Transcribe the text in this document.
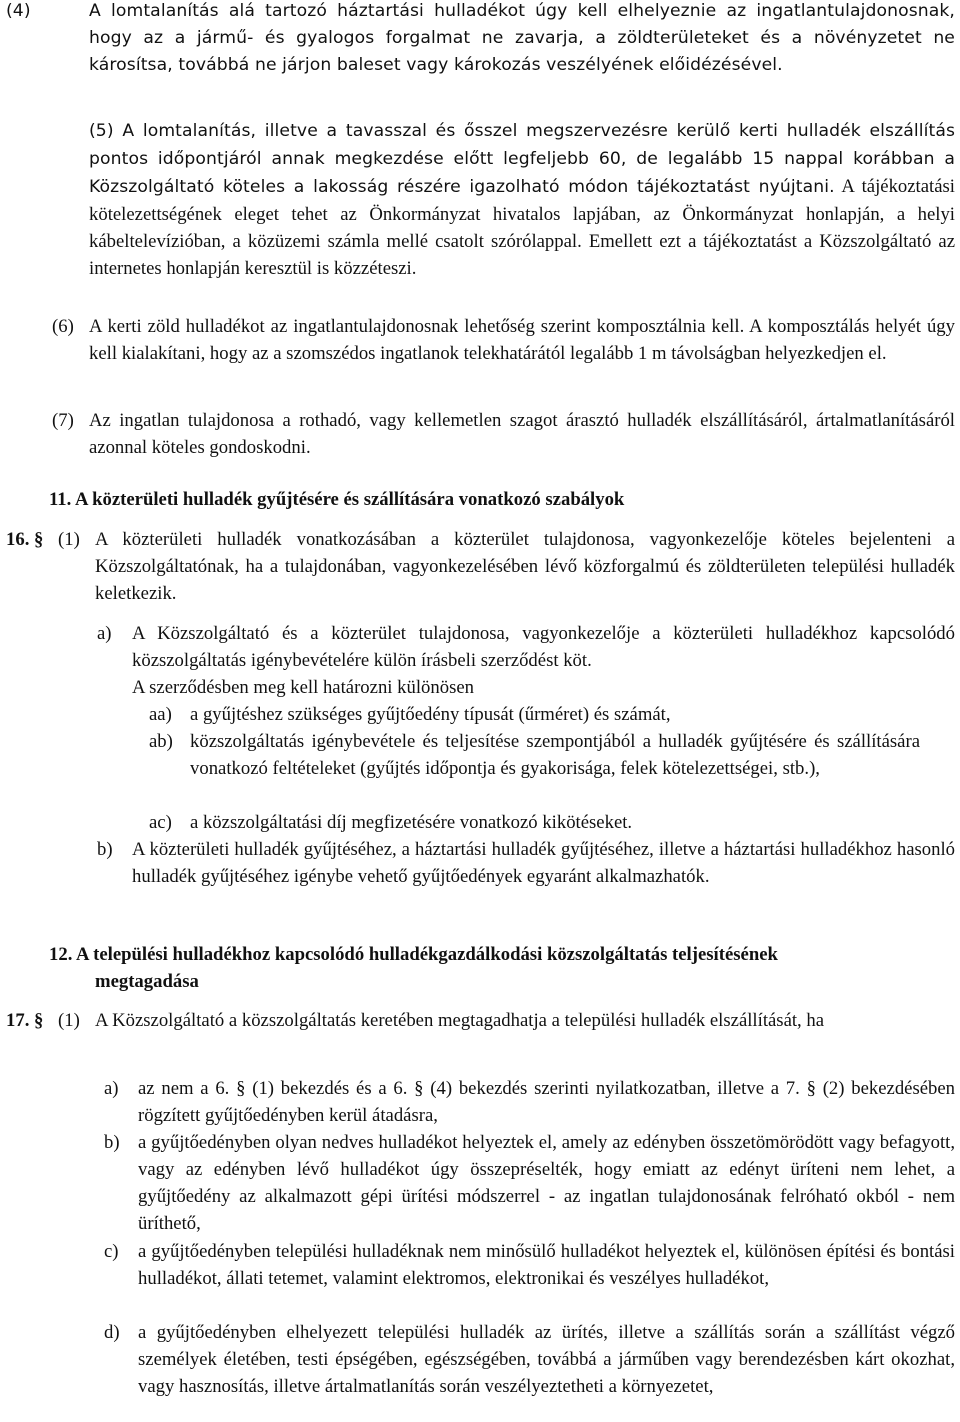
(4)	A lomtalanítás alá tartozó háztartási hulladékot úgy kell elhelyeznie az ingatlantulajdonosnak, hogy az a jármű- és gyalogos forgalmat ne zavarja, a zöldterületeket és a növényzetet ne károsítsa, továbbá ne járjon baleset vagy károkozás veszélyének előidézésével.
(5) A lomtalanítás, illetve a tavasszal és ősszel megszervezésre kerülő kerti hulladék elszállítás pontos időpontjáról annak megkezdése előtt legfeljebb 60, de legalább 15 nappal korábban a Közszolgáltató köteles a lakosság részére igazolható módon tájékoztatást nyújtani. A tájékoztatási kötelezettségének eleget tehet az Önkormányzat hivatalos lapjában, az Önkormányzat honlapján, a helyi kábeltelevízióban, a közüzemi számla mellé csatolt szórólappal. Emellett ezt a tájékoztatást a Közszolgáltató az internetes honlapján keresztül is közzéteszi.
(6) A kerti zöld hulladékot az ingatlantulajdonosnak lehetőség szerint komposztálnia kell. A komposztálás helyét úgy kell kialakítani, hogy az a szomszédos ingatlanok telekhatárától legalább 1 m távolságban helyezkedjen el.
(7) Az ingatlan tulajdonosa a rothadó, vagy kellemetlen szagot árasztó hulladék elszállításáról, ártalmatlanításáról azonnal köteles gondoskodni.
11. A közterületi hulladék gyűjtésére és szállítására vonatkozó szabályok
16. § (1) A közterületi hulladék vonatkozásában a közterület tulajdonosa, vagyonkezelője köteles bejelenteni a Közszolgáltatónak, ha a tulajdonában, vagyonkezelésében lévő közforgalmú és zöldterületen települési hulladék keletkezik.
a) A Közszolgáltató és a közterület tulajdonosa, vagyonkezelője a közterületi hulladékhoz kapcsolódó közszolgáltatás igénybevételére külön írásbeli szerződést köt.
A szerződésben meg kell határozni különösen
aa) a gyűjtéshez szükséges gyűjtőedény típusát (űrméret) és számát,
ab) közszolgáltatás igénybevétele és teljesítése szempontjából a hulladék gyűjtésére és szállítására vonatkozó feltételeket (gyűjtés időpontja és gyakorisága, felek kötelezettségei, stb.),
ac) a közszolgáltatási díj megfizetésére vonatkozó kikötéseket.
b) A közterületi hulladék gyűjtéséhez, a háztartási hulladék gyűjtéséhez, illetve a háztartási hulladékhoz hasonló hulladék gyűjtéséhez igénybe vehető gyűjtőedények egyaránt alkalmazhatók.
12. A települési hulladékhoz kapcsolódó hulladékgazdálkodási közszolgáltatás teljesítésének
megtagadása
17. § (1) A Közszolgáltató a közszolgáltatás keretében megtagadhatja a települési hulladék elszállítását, ha
a) az nem a 6. § (1) bekezdés és a 6. § (4) bekezdés szerinti nyilatkozatban, illetve a 7. § (2) bekezdésében rögzített gyűjtőedényben kerül átadásra,
b) a gyűjtőedényben olyan nedves hulladékot helyeztek el, amely az edényben összetömörödött vagy befagyott, vagy az edényben lévő hulladékot úgy összepréselték, hogy emiatt az edényt üríteni nem lehet, a gyűjtőedény az alkalmazott gépi ürítési módszerrel - az ingatlan tulajdonosának felróható okból - nem üríthető,
c) a gyűjtőedényben települési hulladéknak nem minősülő hulladékot helyeztek el, különösen építési és bontási hulladékot, állati tetemet, valamint elektromos, elektronikai és veszélyes hulladékot,
d) a gyűjtőedényben elhelyezett települési hulladék az ürítés, illetve a szállítás során a szállítást végző személyek életében, testi épségében, egészségében, továbbá a járműben vagy berendezésben kárt okozhat, vagy hasznosítás, illetve ártalmatlanítás során veszélyeztetheti a környezetet,
